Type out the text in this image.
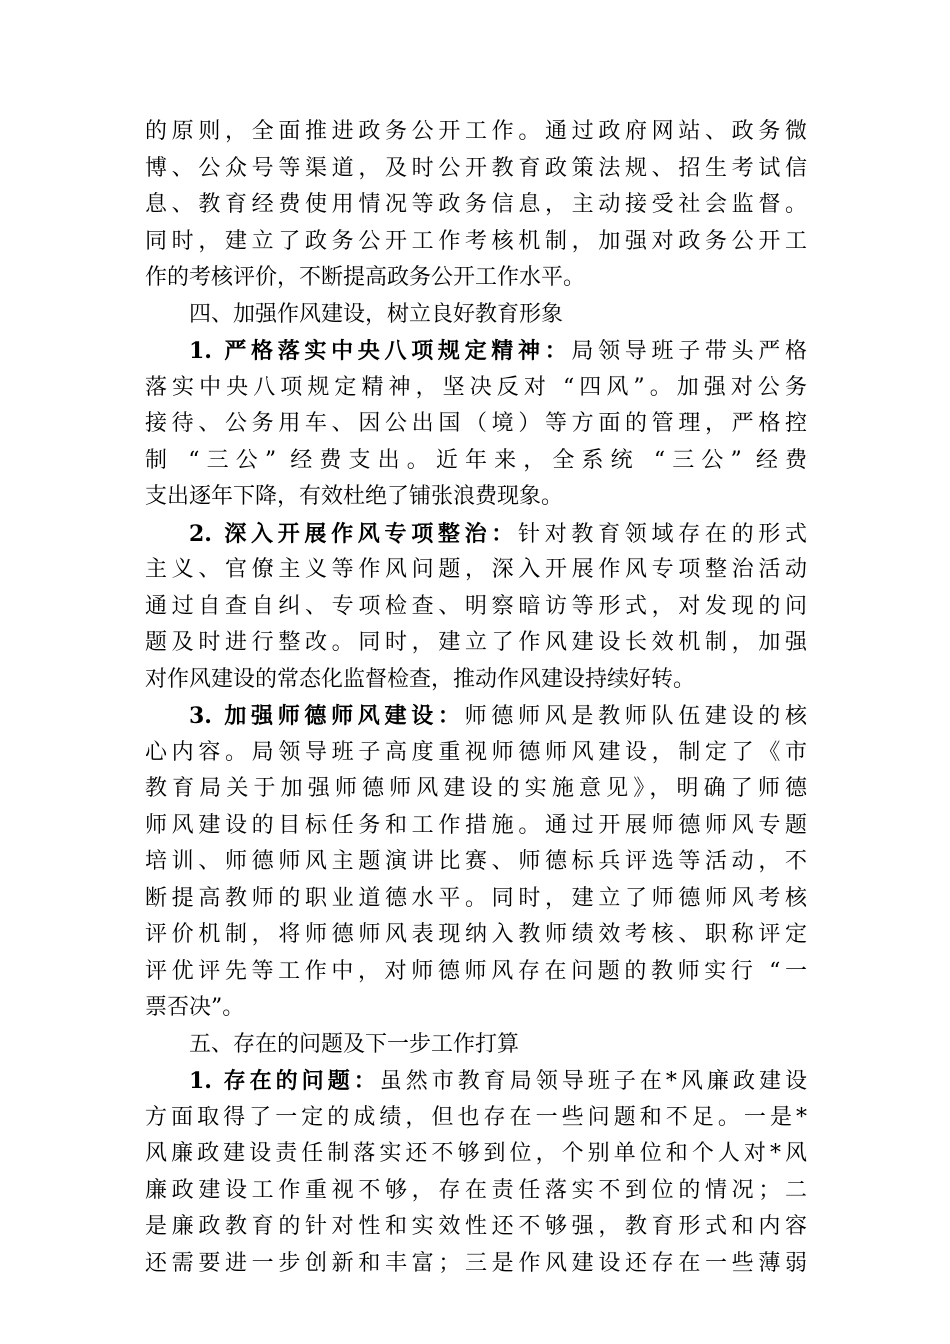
的原则，全面推进政务公开工作。通过政府网站、政务微
博、公众号等渠道，及时公开教育政策法规、招生考试信
息、教育经费使用情况等政务信息，主动接受社会监督。
同时，建立了政务公开工作考核机制，加强对政务公开工
作的考核评价，不断提高政务公开工作水平。
四、加强作风建设，树立良好教育形象
1. 严格落实中央八项规定精神：局领导班子带头严格
落实中央八项规定精神，坚决反对 “四风”。加强对公务
接待、公务用车、因公出国（境）等方面的管理，严格控
制 “三公” 经费支出。近年来，全系统 “三公” 经费
支出逐年下降，有效杜绝了铺张浪费现象。
2. 深入开展作风专项整治：针对教育领域存在的形式
主义、官僚主义等作风问题，深入开展作风专项整治活动
通过自查自纠、专项检查、明察暗访等形式，对发现的问
题及时进行整改。同时，建立了作风建设长效机制，加强
对作风建设的常态化监督检查，推动作风建设持续好转。
3. 加强师德师风建设：师德师风是教师队伍建设的核
心内容。局领导班子高度重视师德师风建设，制定了《市
教育局关于加强师德师风建设的实施意见》，明确了师德
师风建设的目标任务和工作措施。通过开展师德师风专题
培训、师德师风主题演讲比赛、师德标兵评选等活动，不
断提高教师的职业道德水平。同时，建立了师德师风考核
评价机制，将师德师风表现纳入教师绩效考核、职称评定
评优评先等工作中，对师德师风存在问题的教师实行 “一
票否决”。
五、存在的问题及下一步工作打算
1. 存在的问题：虽然市教育局领导班子在*风廉政建设
方面取得了一定的成绩，但也存在一些问题和不足。一是*
风廉政建设责任制落实还不够到位，个别单位和个人对*风
廉政建设工作重视不够，存在责任落实不到位的情况；二
是廉政教育的针对性和实效性还不够强，教育形式和内容
还需要进一步创新和丰富；三是作风建设还存在一些薄弱
